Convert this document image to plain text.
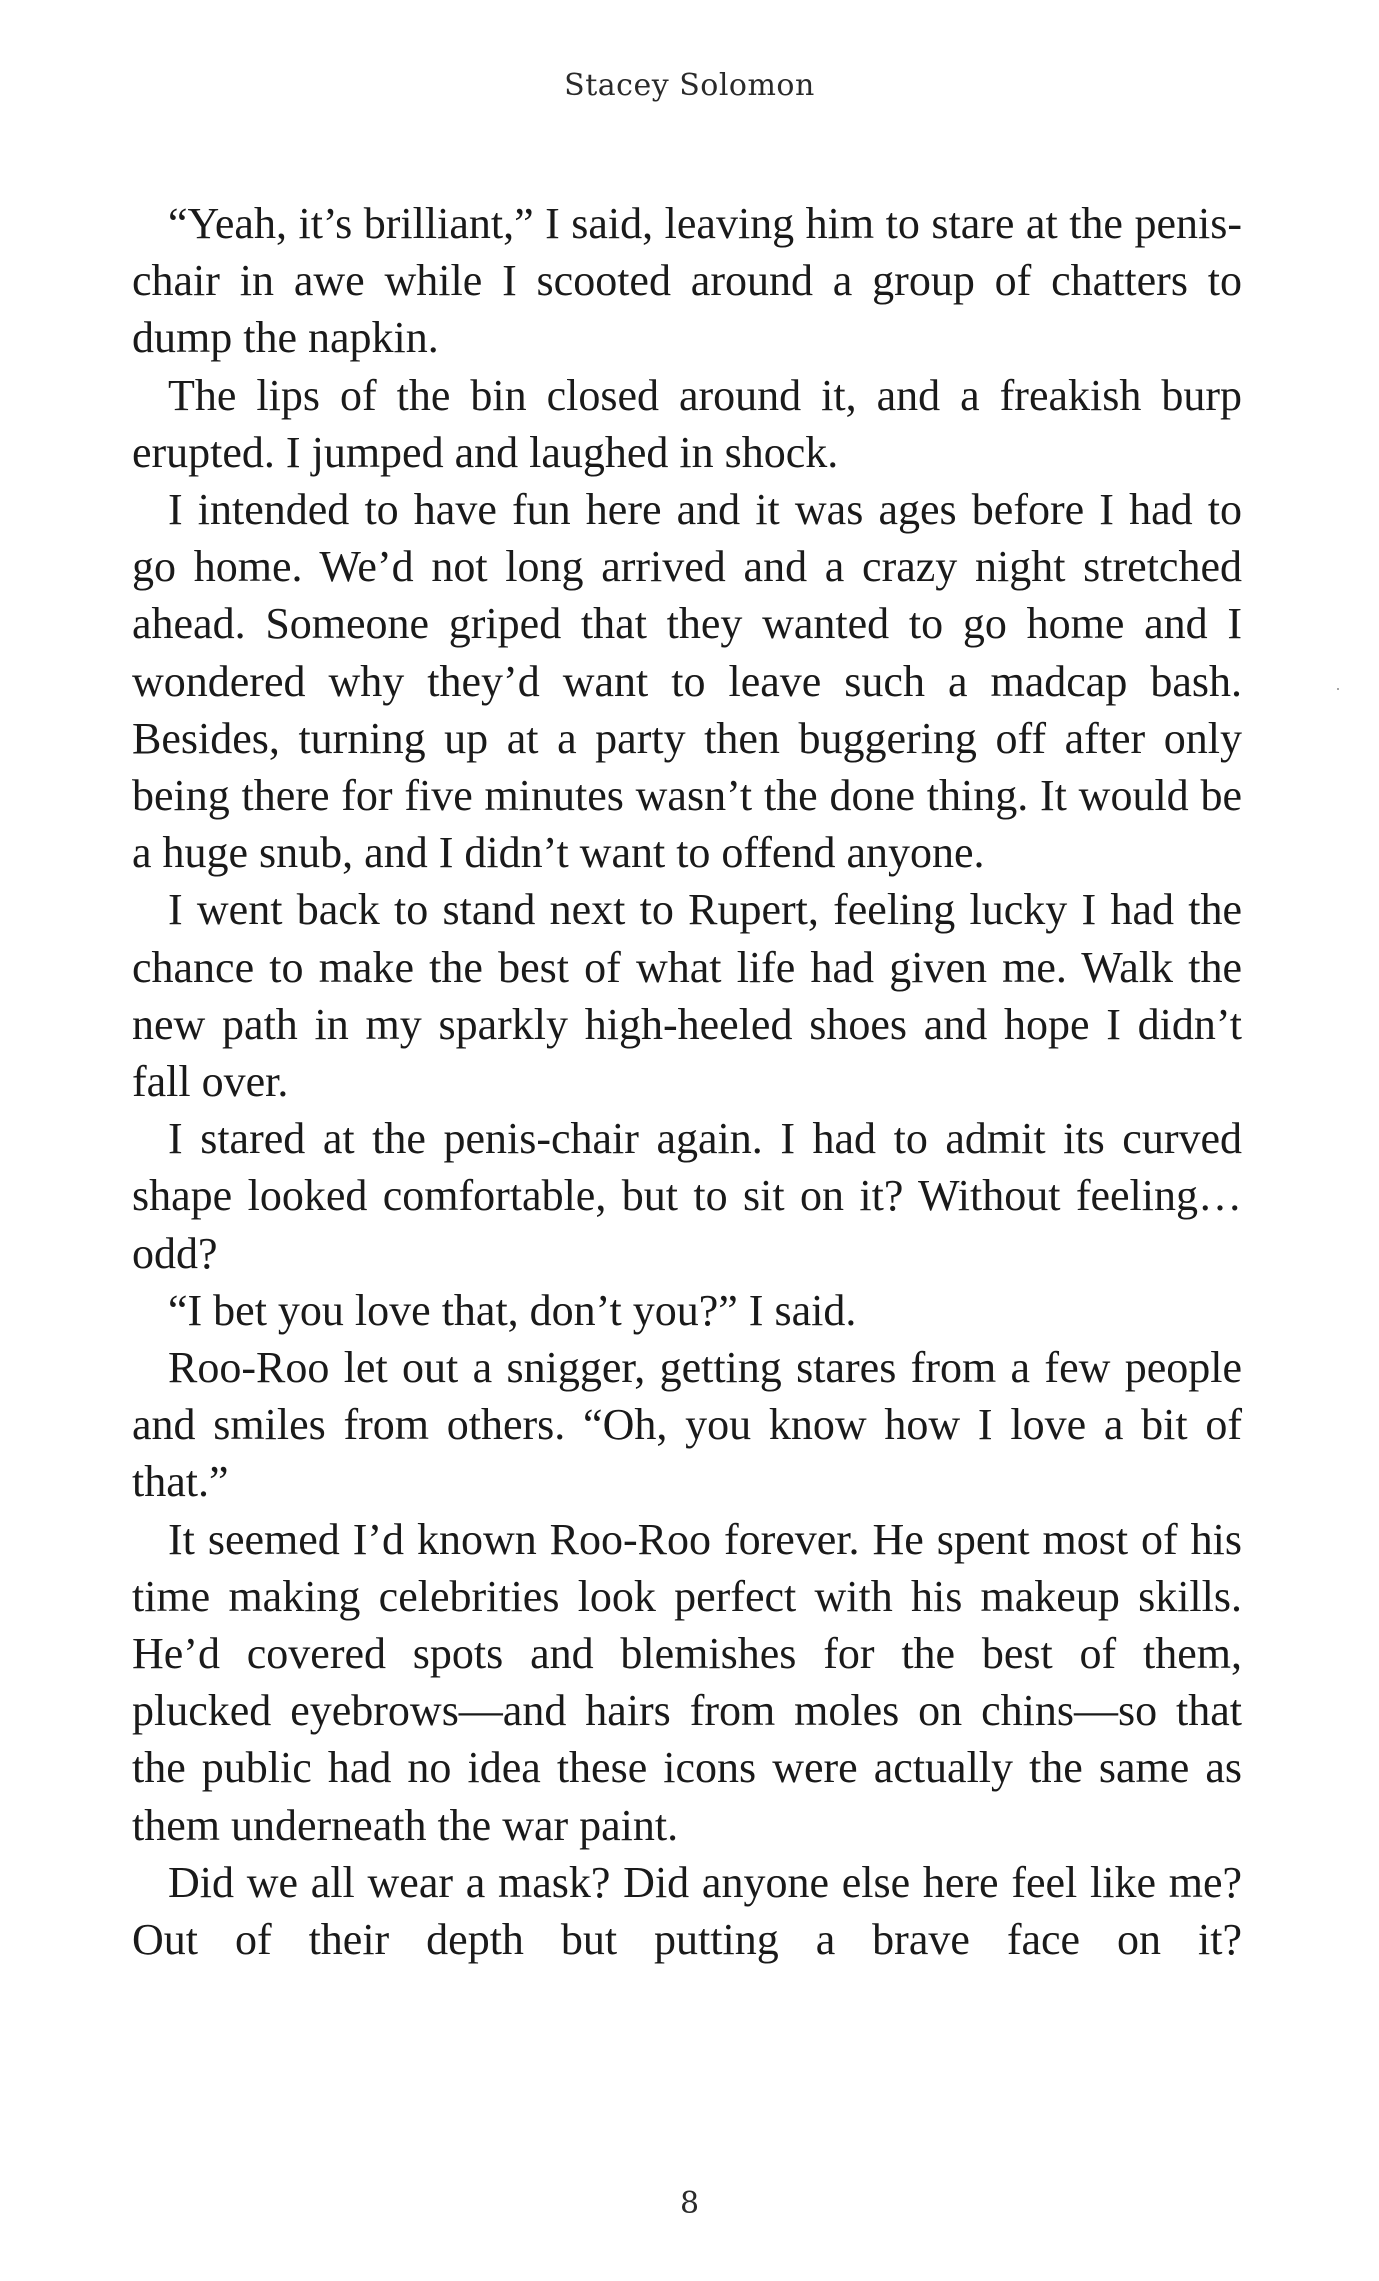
Stacey Solomon

“Yeah, it’s brilliant,” I said, leaving him to stare at the penis-chair in awe while I scooted around a group of chatters to dump the napkin.

The lips of the bin closed around it, and a freakish burp erupted. I jumped and laughed in shock.

I intended to have fun here and it was ages before I had to go home. We’d not long arrived and a crazy night stretched ahead. Someone griped that they wanted to go home and I wondered why they’d want to leave such a madcap bash. Besides, turning up at a party then buggering off after only being there for five minutes wasn’t the done thing. It would be a huge snub, and I didn’t want to offend anyone.

I went back to stand next to Rupert, feeling lucky I had the chance to make the best of what life had given me. Walk the new path in my sparkly high-heeled shoes and hope I didn’t fall over.

I stared at the penis-chair again. I had to admit its curved shape looked comfortable, but to sit on it? Without feeling…odd?

“I bet you love that, don’t you?” I said.

Roo-Roo let out a snigger, getting stares from a few people and smiles from others. “Oh, you know how I love a bit of that.”

It seemed I’d known Roo-Roo forever. He spent most of his time making celebrities look perfect with his makeup skills. He’d covered spots and blemishes for the best of them, plucked eyebrows—and hairs from moles on chins—so that the public had no idea these icons were actually the same as them underneath the war paint.

Did we all wear a mask? Did anyone else here feel like me? Out of their depth but putting a brave face on it?

8
